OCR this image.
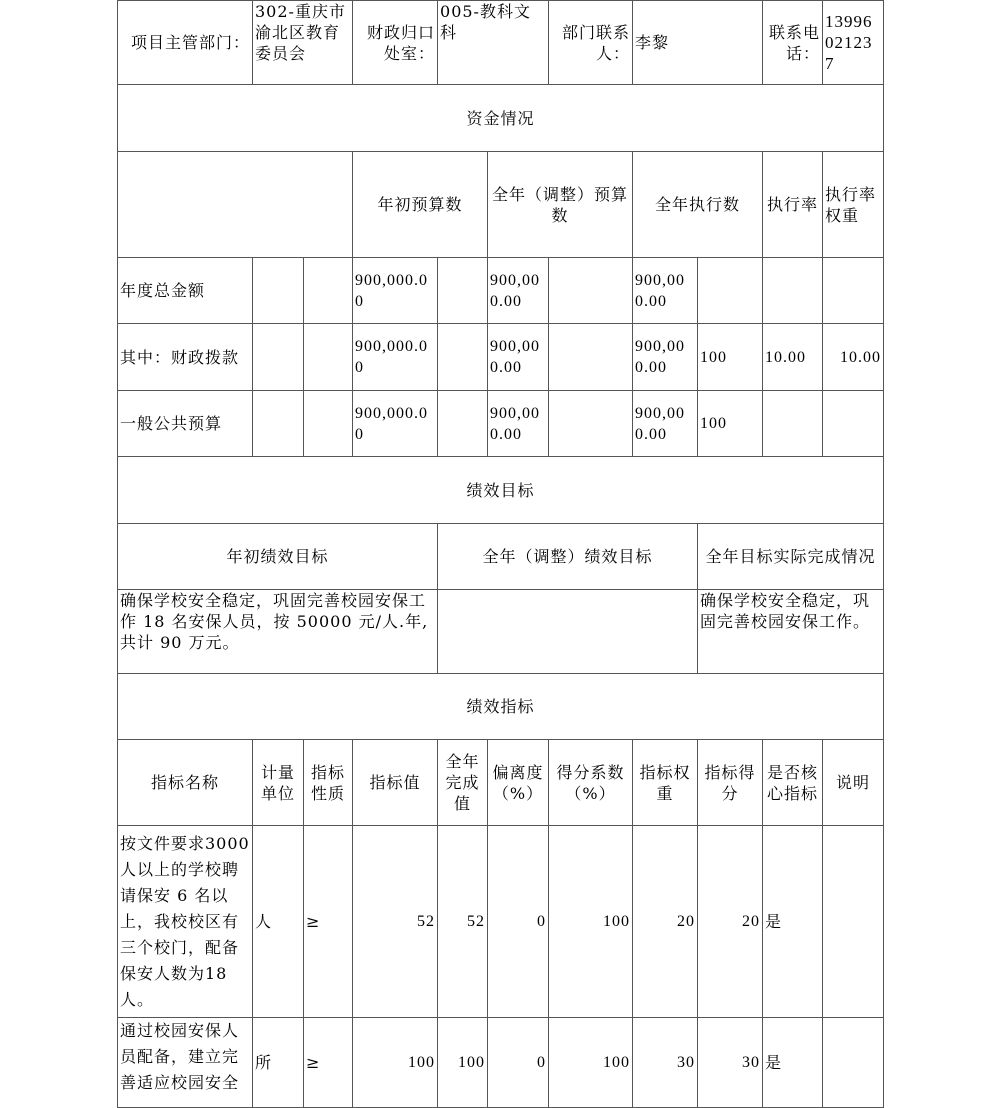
项目主管部门：	302-重庆市渝北区教育委员会		财政归口处室：	005-教科文科		部门联系人：	李黎		联系电话：	13996021237	
资金情况											
			年初预算数		全年（调整）预算数		全年执行数		执行率	执行率权重	
年度总金额			900,000.00		900,000.00		900,000.00				
其中：财政拨款			900,000.00		900,000.00		900,000.00	100	10.00	10.00	
一般公共预算			900,000.00		900,000.00		900,000.00	100			
绩效目标											
年初绩效目标				全年（调整）绩效目标				全年目标实际完成情况			
确保学校安全稳定，巩固完善校园安保工作 18 名安保人员，按 50000 元/人.年,共计 90 万元。								确保学校安全稳定，巩固完善校园安保工作。			
绩效指标											
指标名称	计量单位	指标性质	指标值	全年完成值	偏离度（%）	得分系数（%）	指标权重	指标得分	是否核心指标	说明	
按文件要求3000 人以上的学校聘请保安 6 名以上，我校校区有三个校门，配备保安人数为18 人。	人	≥	52	52	0	100	20	20	是		
通过校园安保人员配备，建立完善适应校园安全	所	≥	100	100	0	100	30	30	是		
